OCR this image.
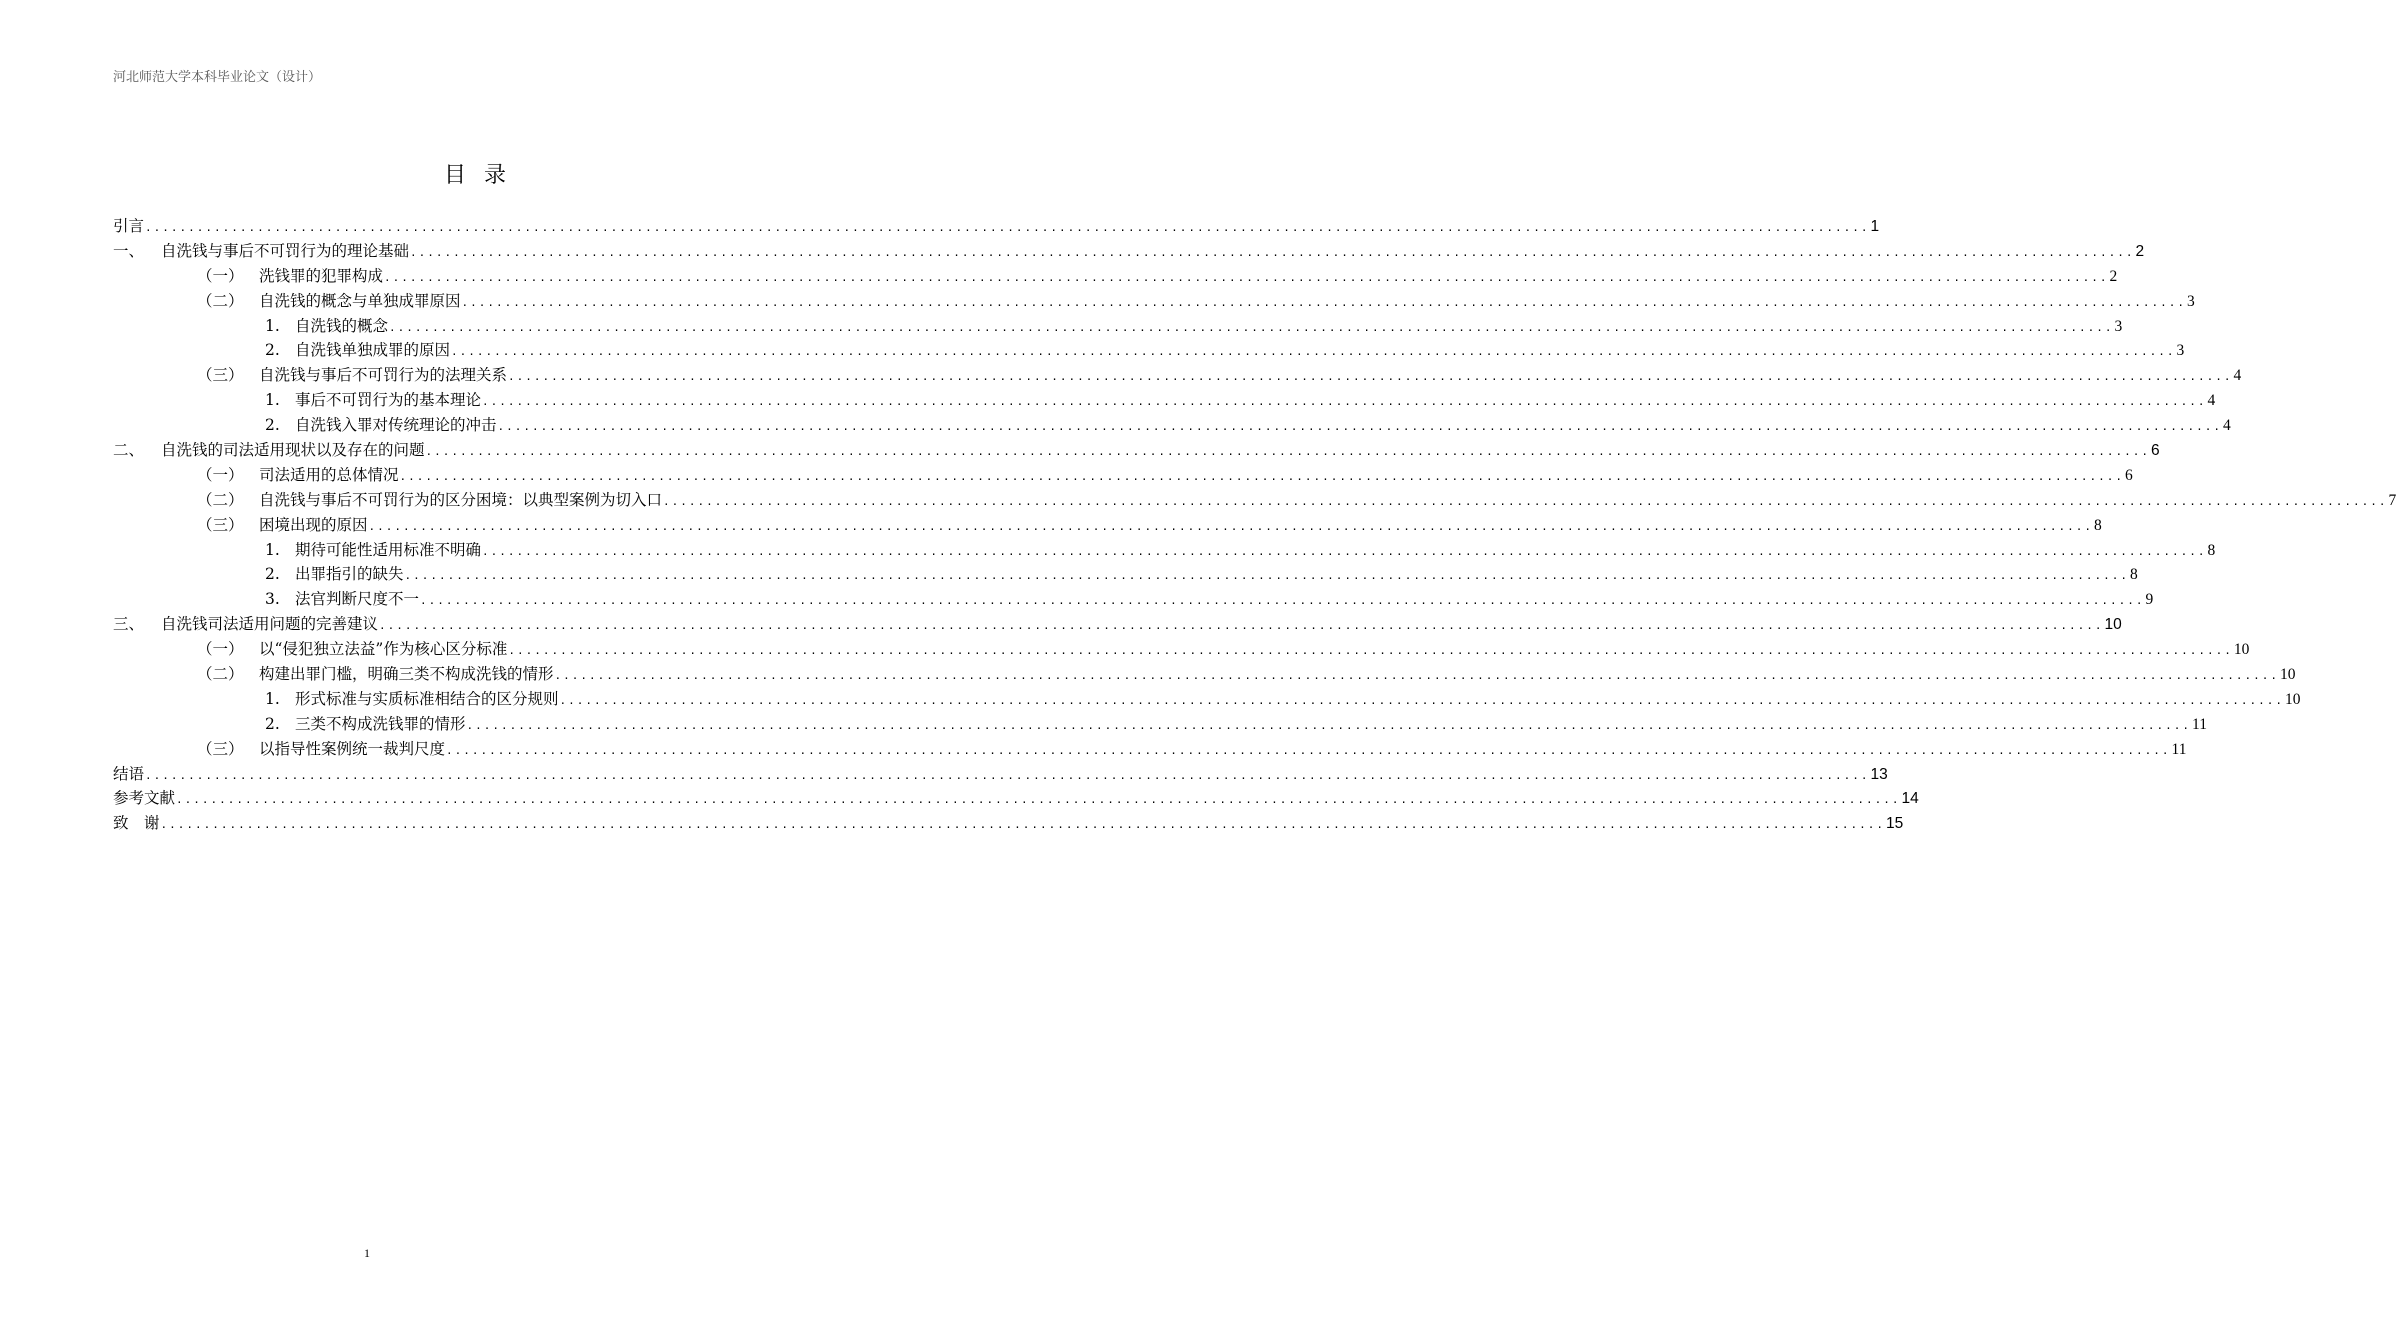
河北师范大学本科毕业论文（设计）
目录
引言 ........................................................................................................................................................................................................ 1
一、	自洗钱与事后不可罚行为的理论基础 ........................................................................................................................................................................................................ 2
（一） 洗钱罪的犯罪构成 ........................................................................................................................................................................................................ 2
（二） 自洗钱的概念与单独成罪原因 ........................................................................................................................................................................................................ 3
1. 自洗钱的概念 ........................................................................................................................................................................................................ 3
2. 自洗钱单独成罪的原因 ........................................................................................................................................................................................................ 3
（三） 自洗钱与事后不可罚行为的法理关系 ........................................................................................................................................................................................................ 4
1. 事后不可罚行为的基本理论 ........................................................................................................................................................................................................ 4
2. 自洗钱入罪对传统理论的冲击 ........................................................................................................................................................................................................ 4
二、	自洗钱的司法适用现状以及存在的问题 ........................................................................................................................................................................................................ 6
（一） 司法适用的总体情况 ........................................................................................................................................................................................................ 6
（二） 自洗钱与事后不可罚行为的区分困境：以典型案例为切入口 ........................................................................................................................................................................................................ 7
（三） 困境出现的原因 ........................................................................................................................................................................................................ 8
1. 期待可能性适用标准不明确 ........................................................................................................................................................................................................ 8
2. 出罪指引的缺失 ........................................................................................................................................................................................................ 8
3. 法官判断尺度不一 ........................................................................................................................................................................................................ 9
三、	自洗钱司法适用问题的完善建议 ........................................................................................................................................................................................................ 10
（一） 以“侵犯独立法益”作为核心区分标准 ........................................................................................................................................................................................................ 10
（二） 构建出罪门槛，明确三类不构成洗钱的情形 ........................................................................................................................................................................................................ 10
1. 形式标准与实质标准相结合的区分规则 ........................................................................................................................................................................................................ 10
2. 三类不构成洗钱罪的情形 ........................................................................................................................................................................................................ 11
（三） 以指导性案例统一裁判尺度 ........................................................................................................................................................................................................ 11
结语 ........................................................................................................................................................................................................ 13
参考文献 ........................................................................................................................................................................................................ 14
致　谢 ........................................................................................................................................................................................................ 15
1
